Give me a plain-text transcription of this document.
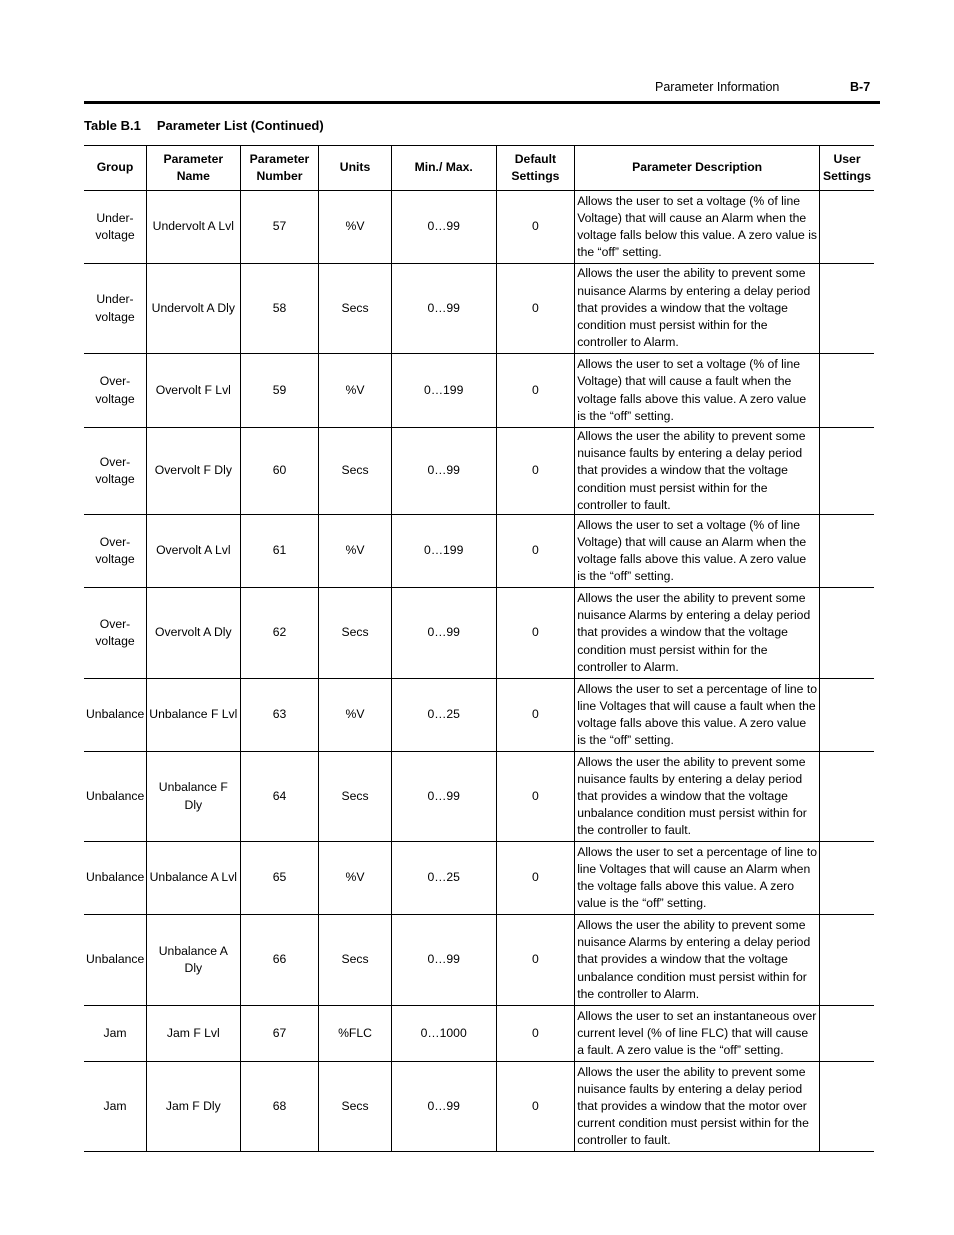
Parameter Information	B-7
Table B.1 Parameter List (Continued)
Group	Parameter Name	Parameter Number	Units	Min./ Max.	Default Settings	Parameter Description	User Settings
Under-voltage	Undervolt A Lvl	57	%V	0…99	0	Allows the user to set a voltage (% of line Voltage) that will cause an Alarm when the voltage falls below this value. A zero value is the “off” setting.	
Under-voltage	Undervolt A Dly	58	Secs	0…99	0	Allows the user the ability to prevent some nuisance Alarms by entering a delay period that provides a window that the voltage condition must persist within for the controller to Alarm.	
Over-voltage	Overvolt F Lvl	59	%V	0…199	0	Allows the user to set a voltage (% of line Voltage) that will cause a fault when the voltage falls above this value. A zero value is the “off” setting.	
Over-voltage	Overvolt F Dly	60	Secs	0…99	0	Allows the user the ability to prevent some nuisance faults by entering a delay period that provides a window that the voltage condition must persist within for the controller to fault.	
Over-voltage	Overvolt A Lvl	61	%V	0…199	0	Allows the user to set a voltage (% of line Voltage) that will cause an Alarm when the voltage falls above this value. A zero value is the “off” setting.	
Over-voltage	Overvolt A Dly	62	Secs	0…99	0	Allows the user the ability to prevent some nuisance Alarms by entering a delay period that provides a window that the voltage condition must persist within for the controller to Alarm.	
Unbalance	Unbalance F Lvl	63	%V	0…25	0	Allows the user to set a percentage of line to line Voltages that will cause a fault when the voltage falls above this value. A zero value is the “off” setting.	
Unbalance	Unbalance F Dly	64	Secs	0…99	0	Allows the user the ability to prevent some nuisance faults by entering a delay period that provides a window that the voltage unbalance condition must persist within for the controller to fault.	
Unbalance	Unbalance A Lvl	65	%V	0…25	0	Allows the user to set a percentage of line to line Voltages that will cause an Alarm when the voltage falls above this value. A zero value is the “off” setting.	
Unbalance	Unbalance A Dly	66	Secs	0…99	0	Allows the user the ability to prevent some nuisance Alarms by entering a delay period that provides a window that the voltage unbalance condition must persist within for the controller to Alarm.	
Jam	Jam F Lvl	67	%FLC	0…1000	0	Allows the user to set an instantaneous over current level (% of line FLC) that will cause a fault. A zero value is the “off” setting.	
Jam	Jam F Dly	68	Secs	0…99	0	Allows the user the ability to prevent some nuisance faults by entering a delay period that provides a window that the motor over current condition must persist within for the controller to fault.	
